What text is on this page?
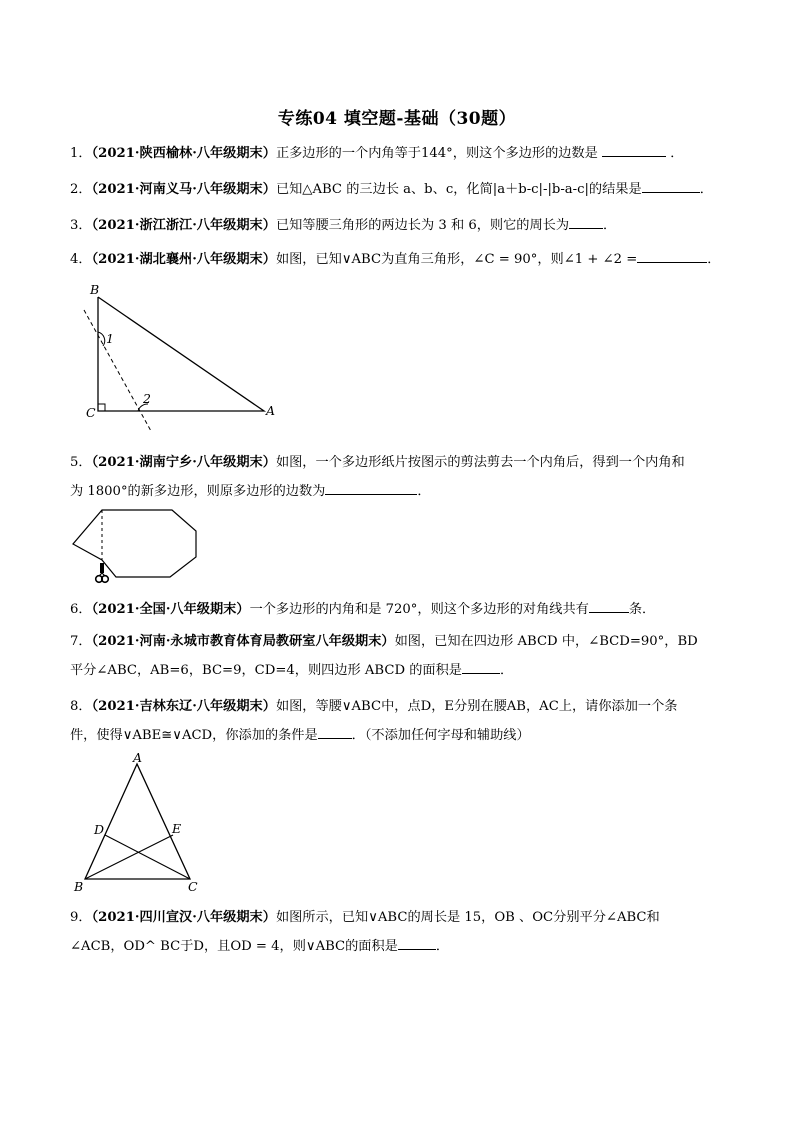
专练04 填空题-基础（30题）
1．（2021·陕西榆林·八年级期末）正多边形的一个内角等于144°，则这个多边形的边数是	．
2．（2021·河南义马·八年级期末）已知△ABC 的三边长 a、b、c，化简|a＋b-c|-|b-a-c|的结果是	．
3．（2021·浙江浙江·八年级期末）已知等腰三角形的两边长为 3 和 6，则它的周长为	．
4．（2021·湖北襄州·八年级期末）如图，已知∨ABC为直角三角形，∠C = 90°，则∠1 + ∠2 =	．
B
C	A
1
2
5．（2021·湖南宁乡·八年级期末）如图，一个多边形纸片按图示的剪法剪去一个内角后，得到一个内角和
为 1800°的新多边形，则原多边形的边数为	．
6．（2021·全国·八年级期末）一个多边形的内角和是 720°，则这个多边形的对角线共有	条．
7．（2021·河南·永城市教育体育局教研室八年级期末）如图，已知在四边形 ABCD 中，∠BCD=90°，BD
平分∠ABC，AB=6，BC=9，CD=4，则四边形 ABCD 的面积是	．
8．（2021·吉林东辽·八年级期末）如图，等腰∨ABC中，点D，E分别在腰AB，AC上，请你添加一个条
件，使得∨ABE≅∨ACD，你添加的条件是	．（不添加任何字母和辅助线）
A
D	E
B	C
9．（2021·四川宣汉·八年级期末）如图所示，已知∨ABC的周长是 15，OB 、OC分别平分∠ABC和
∠ACB，OD^ BC于D，且OD = 4，则∨ABC的面积是	．
